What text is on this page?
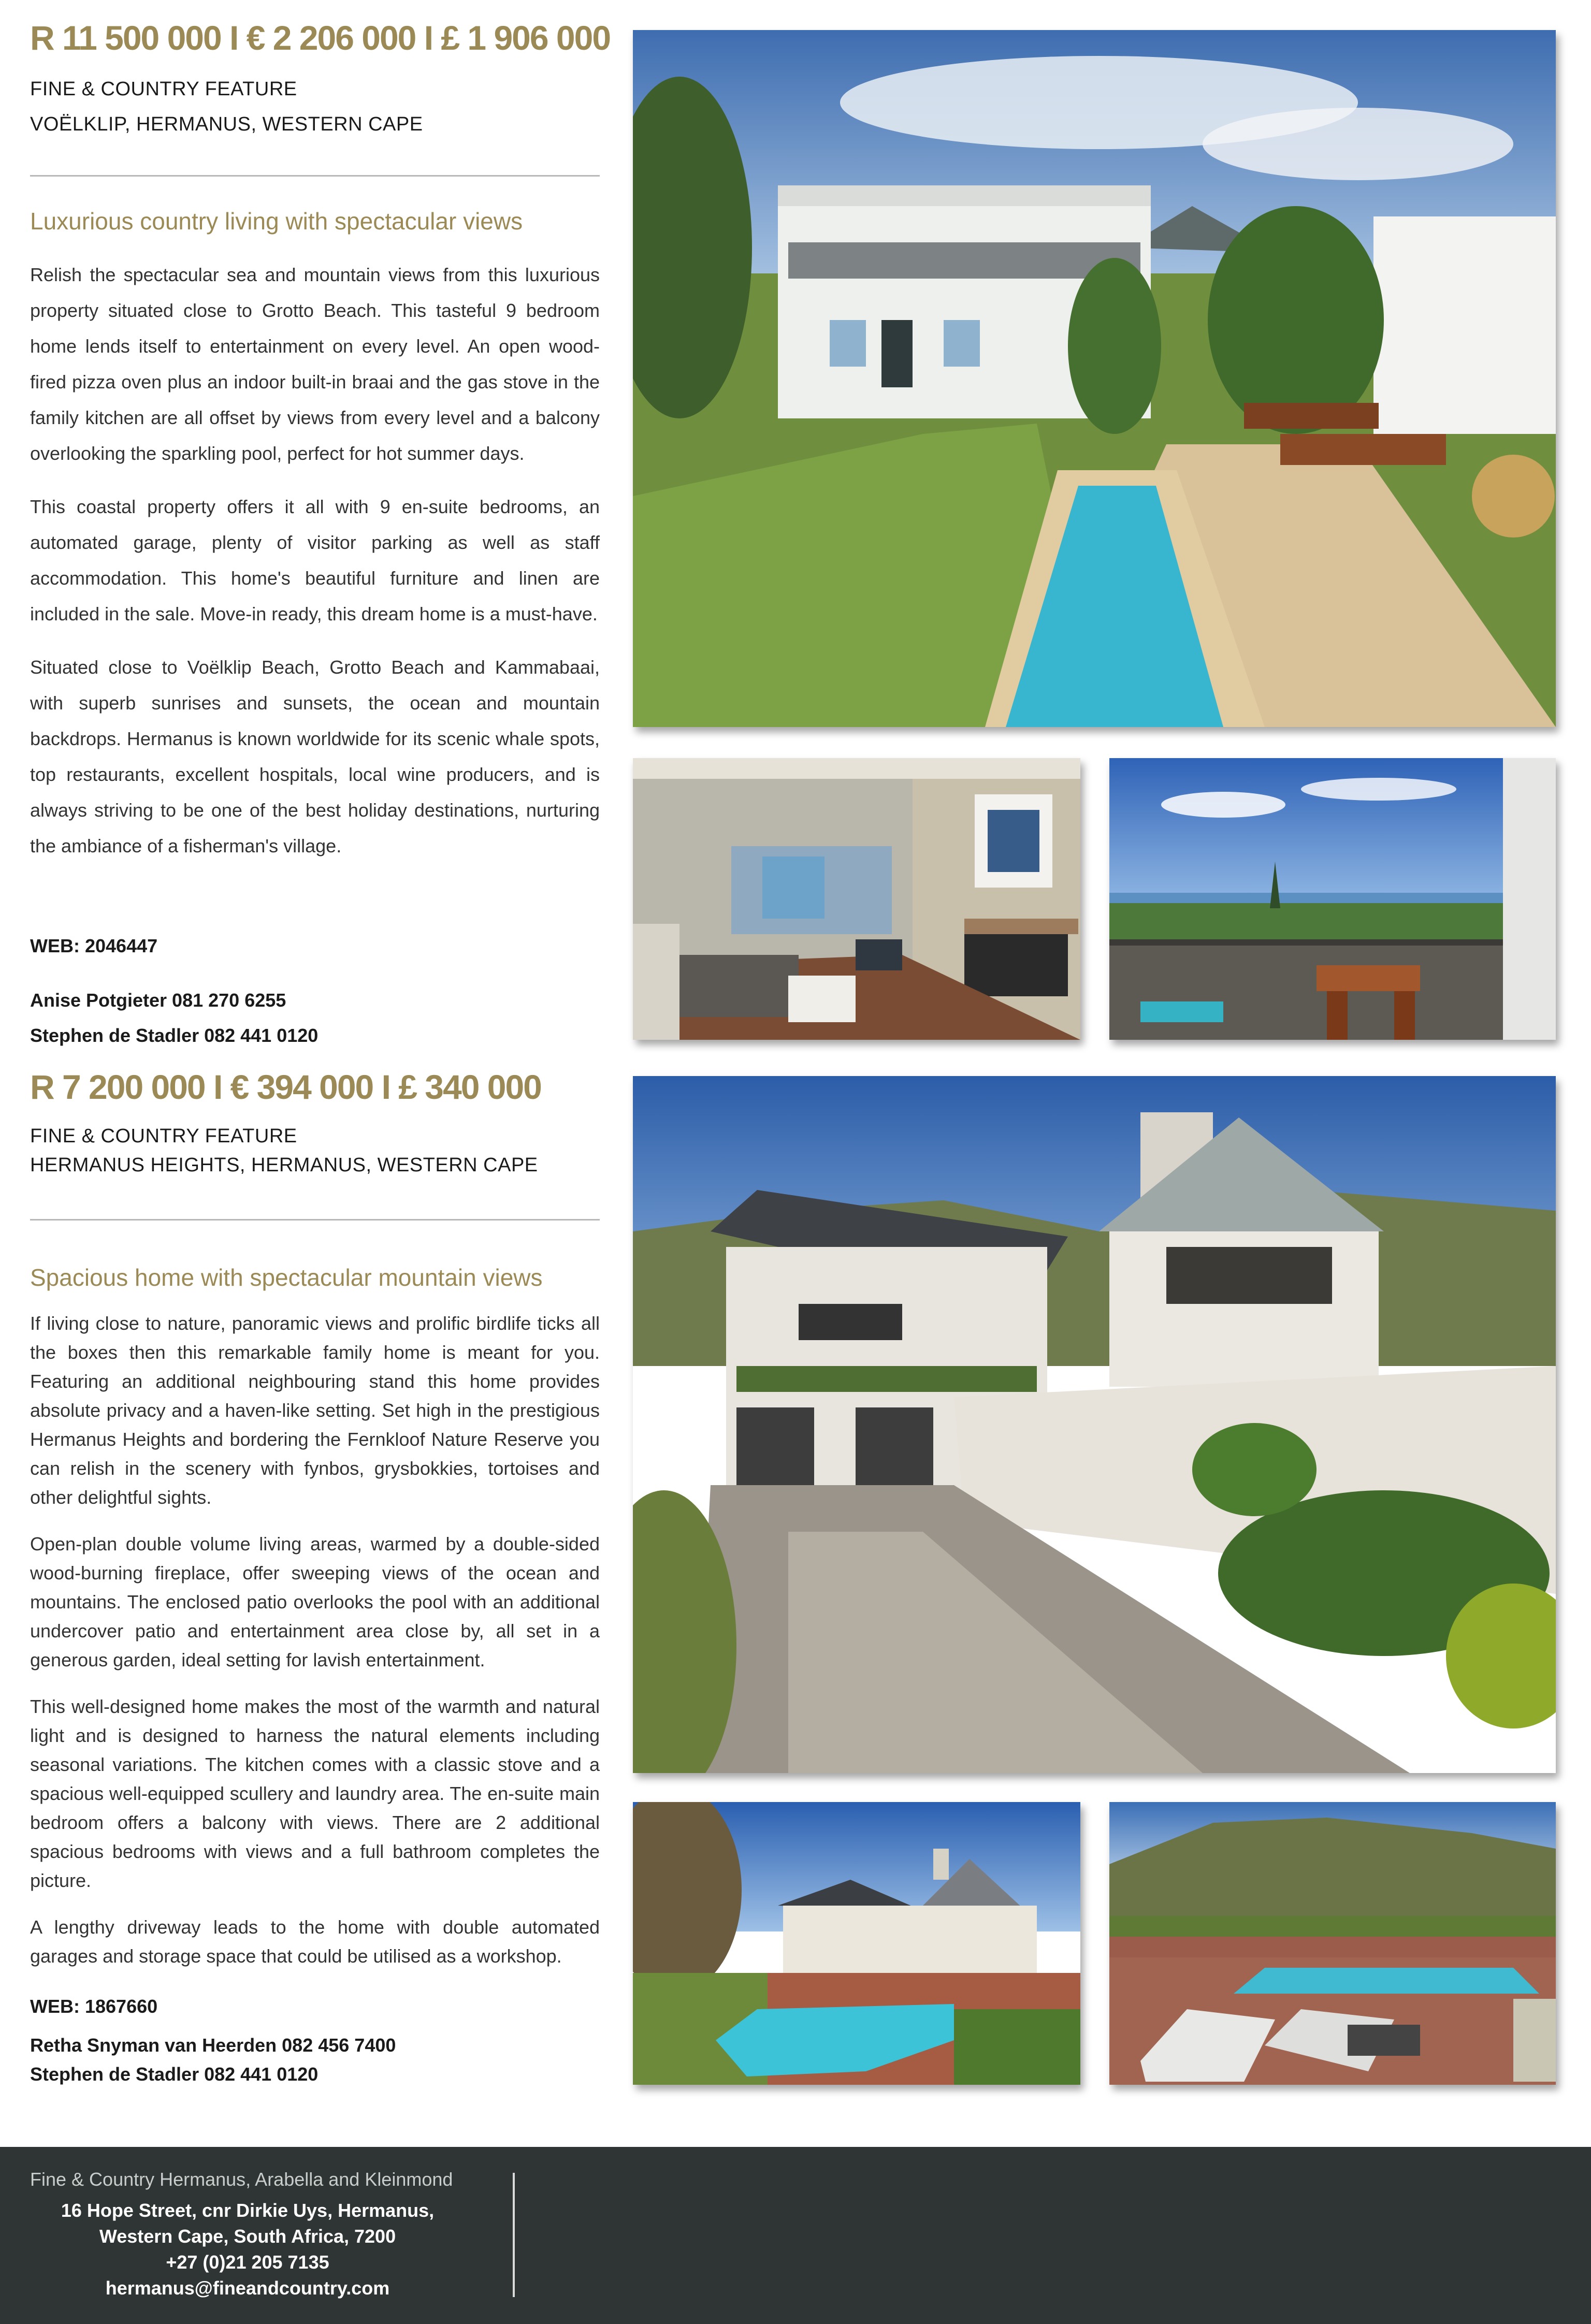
R 11 500 000 I € 2 206 000 I £ 1 906 000
FINE & COUNTRY FEATURE
VOËLKLIP, HERMANUS, WESTERN CAPE
Luxurious country living with spectacular views

Relish the spectacular sea and mountain views from this luxurious property situated close to Grotto Beach. This tasteful 9 bedroom home lends itself to entertainment on every level. An open wood-fired pizza oven plus an indoor built-in braai and the gas stove in the family kitchen are all offset by views from every level and a balcony overlooking the sparkling pool, perfect for hot summer days.

This coastal property offers it all with 9 en-suite bedrooms, an automated garage, plenty of visitor parking as well as staff accommodation. This home's beautiful furniture and linen are included in the sale. Move-in ready, this dream home is a must-have.

Situated close to Voëlklip Beach, Grotto Beach and Kammabaai, with superb sunrises and sunsets, the ocean and mountain backdrops. Hermanus is known worldwide for its scenic whale spots, top restaurants, excellent hospitals, local wine producers, and is always striving to be one of the best holiday destinations, nurturing the ambiance of a fisherman's village.

WEB: 2046447
Anise Potgieter 081 270 6255
Stephen de Stadler 082 441 0120
R 7 200 000 I € 394 000 I £ 340 000
FINE & COUNTRY FEATURE
HERMANUS HEIGHTS, HERMANUS, WESTERN CAPE
Spacious home with spectacular mountain views

If living close to nature, panoramic views and prolific birdlife ticks all the boxes then this remarkable family home is meant for you. Featuring an additional neighbouring stand this home provides absolute privacy and a haven-like setting. Set high in the prestigious Hermanus Heights and bordering the Fernkloof Nature Reserve you can relish in the scenery with fynbos, grysbokkies, tortoises and other delightful sights.

Open-plan double volume living areas, warmed by a double-sided wood-burning fireplace, offer sweeping views of the ocean and mountains. The enclosed patio overlooks the pool with an additional undercover patio and entertainment area close by, all set in a generous garden, ideal setting for lavish entertainment.

This well-designed home makes the most of the warmth and natural light and is designed to harness the natural elements including seasonal variations. The kitchen comes with a classic stove and a spacious well-equipped scullery and laundry area. The en-suite main bedroom offers a balcony with views. There are 2 additional spacious bedrooms with views and a full bathroom completes the picture.

A lengthy driveway leads to the home with double automated garages and storage space that could be utilised as a workshop.

WEB: 1867660
Retha Snyman van Heerden 082 456 7400
Stephen de Stadler 082 441 0120
Fine & Country Hermanus, Arabella and Kleinmond
16 Hope Street, cnr Dirkie Uys, Hermanus,
Western Cape, South Africa, 7200
+27 (0)21 205 7135
hermanus@fineandcountry.com
